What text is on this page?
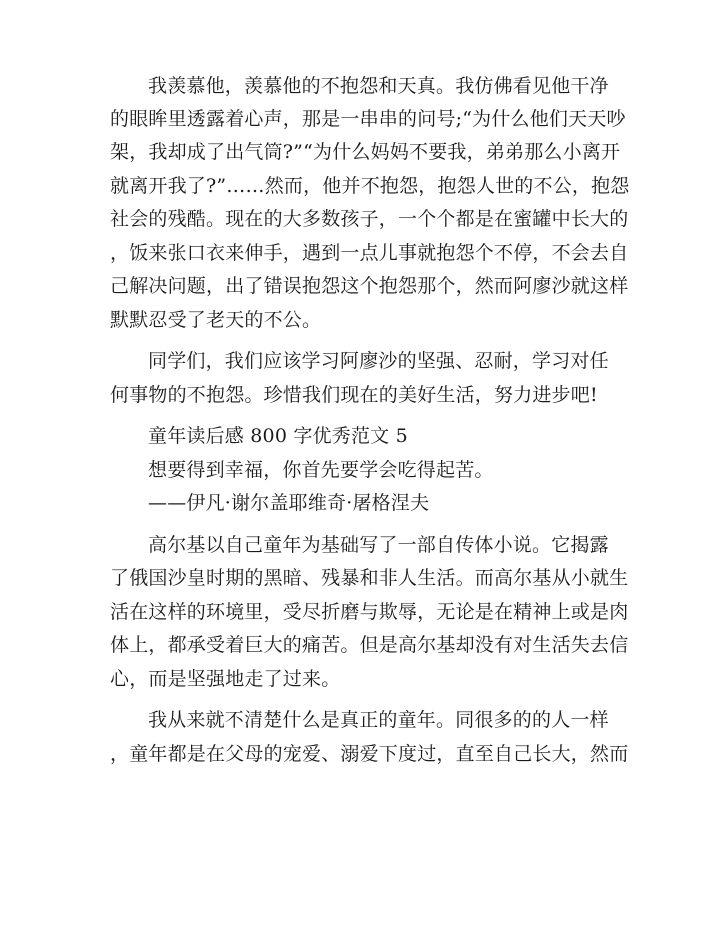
我羡慕他，羡慕他的不抱怨和天真。我仿佛看见他干净
的眼眸里透露着心声，那是一串串的问号;“为什么他们天天吵
架，我却成了出气筒?”“为什么妈妈不要我，弟弟那么小离开
就离开我了?”……然而，他并不抱怨，抱怨人世的不公，抱怨
社会的残酷。现在的大多数孩子，一个个都是在蜜罐中长大的
，饭来张口衣来伸手，遇到一点儿事就抱怨个不停，不会去自
己解决问题，出了错误抱怨这个抱怨那个，然而阿廖沙就这样
默默忍受了老天的不公。
同学们，我们应该学习阿廖沙的坚强、忍耐，学习对任
何事物的不抱怨。珍惜我们现在的美好生活，努力进步吧!
童年读后感 800 字优秀范文 5
想要得到幸福，你首先要学会吃得起苦。
——伊凡·谢尔盖耶维奇·屠格涅夫
高尔基以自己童年为基础写了一部自传体小说。它揭露
了俄国沙皇时期的黑暗、残暴和非人生活。而高尔基从小就生
活在这样的环境里，受尽折磨与欺辱，无论是在精神上或是肉
体上，都承受着巨大的痛苦。但是高尔基却没有对生活失去信
心，而是坚强地走了过来。
我从来就不清楚什么是真正的童年。同很多的的人一样
，童年都是在父母的宠爱、溺爱下度过，直至自己长大，然而
